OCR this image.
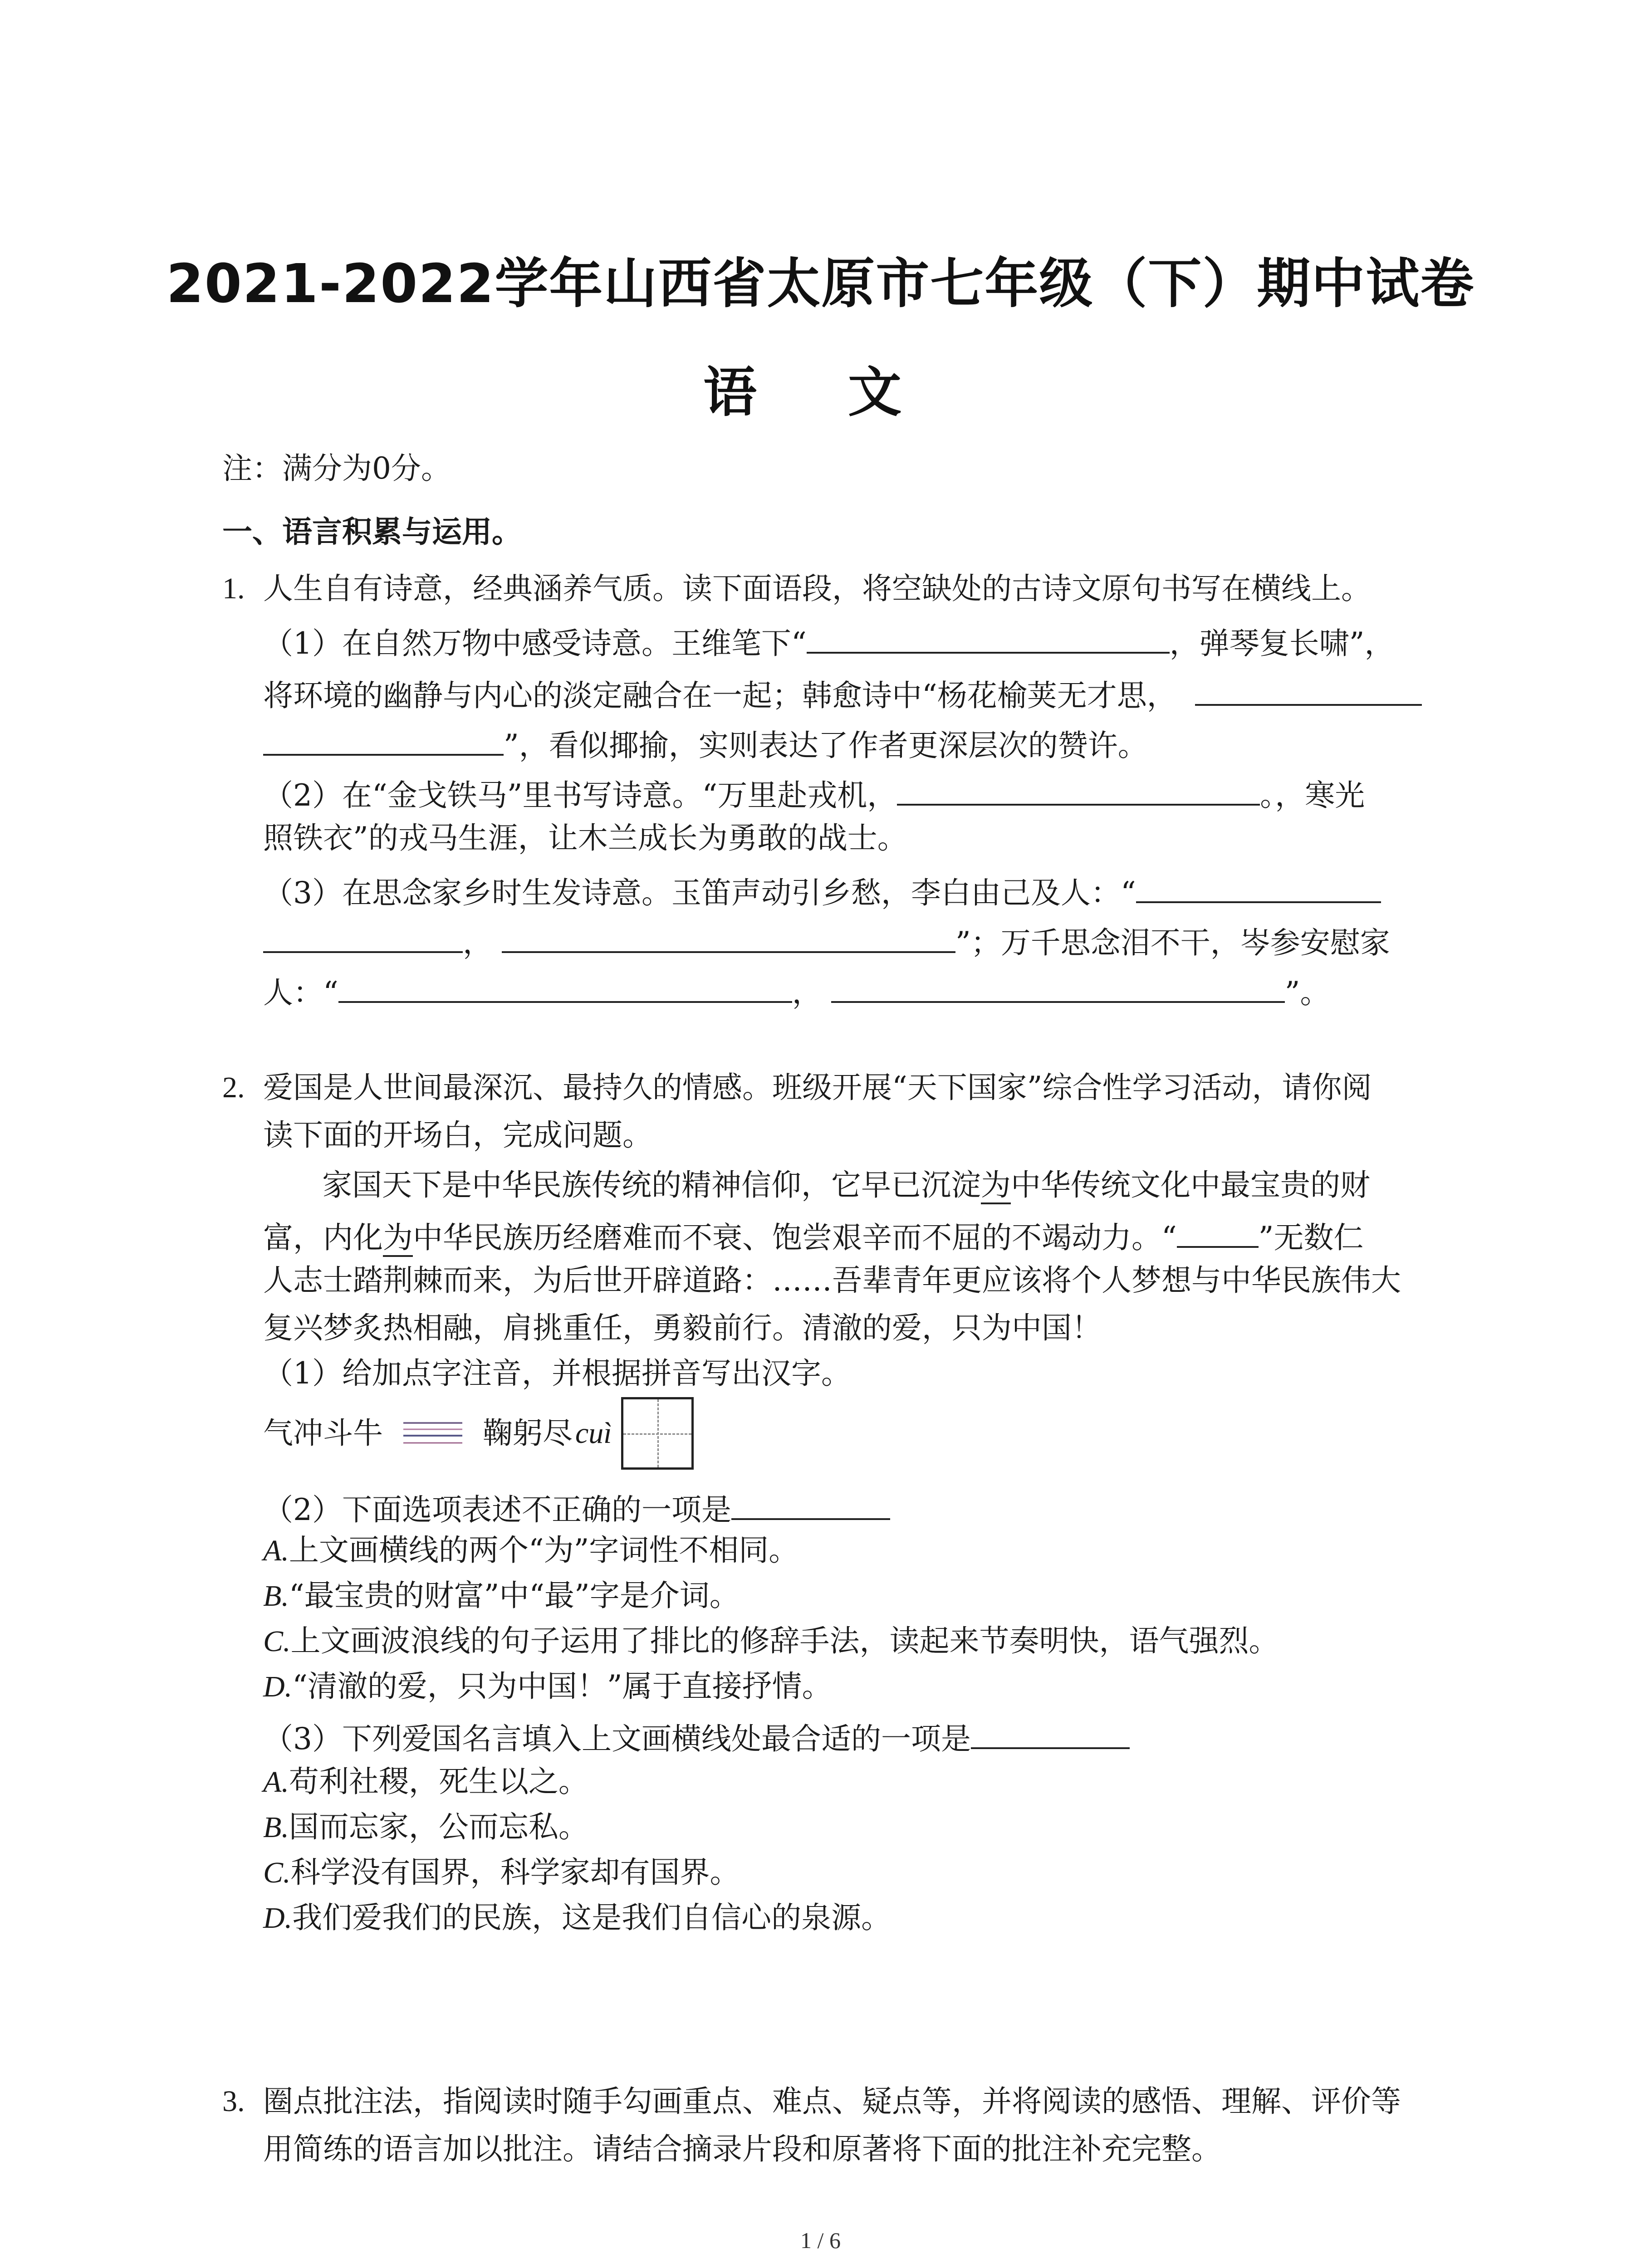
2021-2022学年山西省太原市七年级（下）期中试卷
语 文
注：满分为0分。
一、语言积累与运用。
1. 人生自有诗意，经典涵养气质。读下面语段，将空缺处的古诗文原句书写在横线上。
（1）在自然万物中感受诗意。王维笔下“	，弹琴复长啸”，
将环境的幽静与内心的淡定融合在一起；韩愈诗中“杨花榆荚无才思，
”，看似揶揄，实则表达了作者更深层次的赞许。
（2）在“金戈铁马”里书写诗意。“万里赴戎机，	。，寒光
照铁衣”的戎马生涯，让木兰成长为勇敢的战士。
（3）在思念家乡时生发诗意。玉笛声动引乡愁，李白由己及人：“
，	”；万千思念泪不干，岑参安慰家
人：“	，	”。
2. 爱国是人世间最深沉、最持久的情感。班级开展“天下国家”综合性学习活动，请你阅
读下面的开场白，完成问题。
家国天下是中华民族传统的精神信仰，它早已沉淀为中华传统文化中最宝贵的财
富，内化为中华民族历经磨难而不衰、饱尝艰辛而不屈的不竭动力。“	”无数仁
人志士踏荆棘而来，为后世开辟道路：……吾辈青年更应该将个人梦想与中华民族伟大
复兴梦炙热相融，肩挑重任，勇毅前行。清澈的爱，只为中国！
（1）给加点字注音，并根据拼音写出汉字。
气冲斗牛	鞠躬尽 cuì
（2）下面选项表述不正确的一项是
A.上文画横线的两个“为”字词性不相同。
B.“最宝贵的财富”中“最”字是介词。
C.上文画波浪线的句子运用了排比的修辞手法，读起来节奏明快，语气强烈。
D.“清澈的爱，只为中国！”属于直接抒情。
（3）下列爱国名言填入上文画横线处最合适的一项是
A.苟利社稷，死生以之。
B.国而忘家，公而忘私。
C.科学没有国界，科学家却有国界。
D.我们爱我们的民族，这是我们自信心的泉源。
3. 圈点批注法，指阅读时随手勾画重点、难点、疑点等，并将阅读的感悟、理解、评价等
用简练的语言加以批注。请结合摘录片段和原著将下面的批注补充完整。
1 / 6
